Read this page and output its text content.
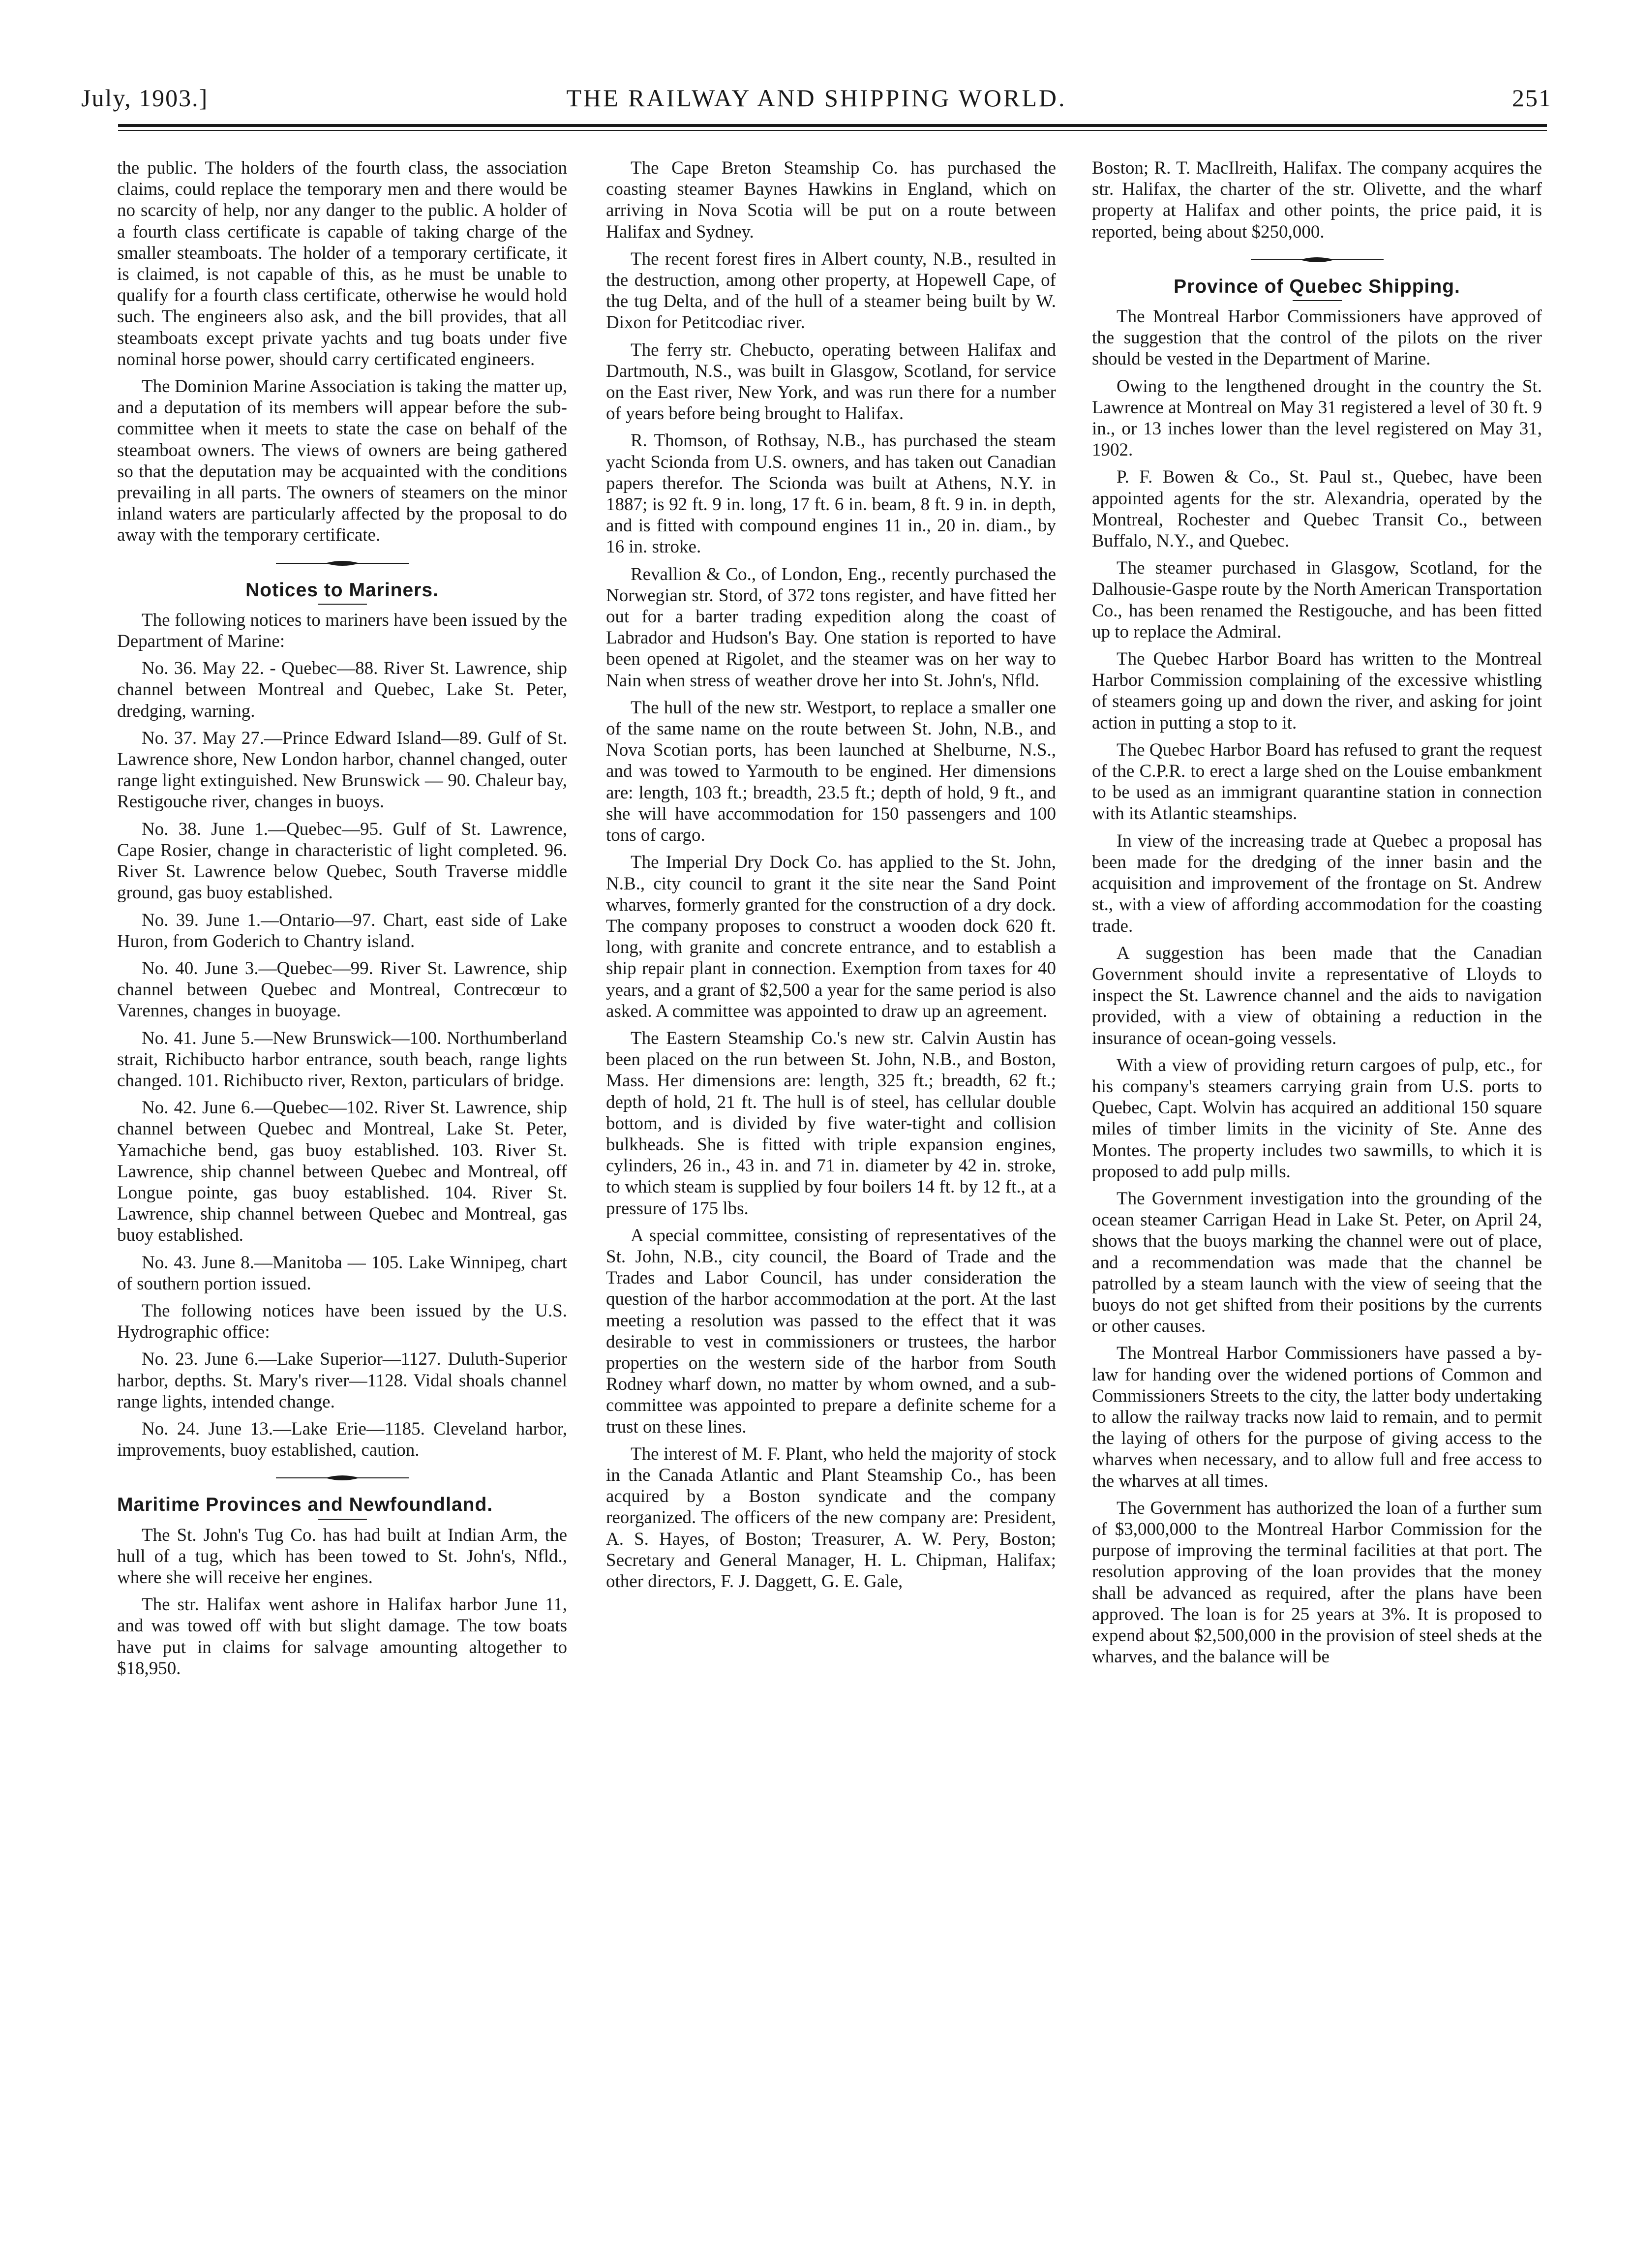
July, 1903.]	THE RAILWAY AND SHIPPING WORLD.	251

the public. The holders of the fourth class, the association claims, could replace the temporary men and there would be no scarcity of help, nor any danger to the public. A holder of a fourth class certificate is capable of taking charge of the smaller steamboats. The holder of a temporary certificate, it is claimed, is not capable of this, as he must be unable to qualify for a fourth class certificate, otherwise he would hold such. The engineers also ask, and the bill provides, that all steamboats except private yachts and tug boats under five nominal horse power, should carry certificated engineers.

The Dominion Marine Association is taking the matter up, and a deputation of its members will appear before the sub-committee when it meets to state the case on behalf of the steamboat owners. The views of owners are being gathered so that the deputation may be acquainted with the conditions prevailing in all parts. The owners of steamers on the minor inland waters are particularly affected by the proposal to do away with the temporary certificate.

Notices to Mariners.

The following notices to mariners have been issued by the Department of Marine:

No. 36. May 22. - Quebec—88. River St. Lawrence, ship channel between Montreal and Quebec, Lake St. Peter, dredging, warning.

No. 37. May 27.—Prince Edward Island—89. Gulf of St. Lawrence shore, New London harbor, channel changed, outer range light extinguished. New Brunswick — 90. Chaleur bay, Restigouche river, changes in buoys.

No. 38. June 1.—Quebec—95. Gulf of St. Lawrence, Cape Rosier, change in characteristic of light completed. 96. River St. Lawrence below Quebec, South Traverse middle ground, gas buoy established.

No. 39. June 1.—Ontario—97. Chart, east side of Lake Huron, from Goderich to Chantry island.

No. 40. June 3.—Quebec—99. River St. Lawrence, ship channel between Quebec and Montreal, Contrecœur to Varennes, changes in buoyage.

No. 41. June 5.—New Brunswick—100. Northumberland strait, Richibucto harbor entrance, south beach, range lights changed. 101. Richibucto river, Rexton, particulars of bridge.

No. 42. June 6.—Quebec—102. River St. Lawrence, ship channel between Quebec and Montreal, Lake St. Peter, Yamachiche bend, gas buoy established. 103. River St. Lawrence, ship channel between Quebec and Montreal, off Longue pointe, gas buoy established. 104. River St. Lawrence, ship channel between Quebec and Montreal, gas buoy established.

No. 43. June 8.—Manitoba — 105. Lake Winnipeg, chart of southern portion issued.

The following notices have been issued by the U.S. Hydrographic office:

No. 23. June 6.—Lake Superior—1127. Duluth-Superior harbor, depths. St. Mary's river—1128. Vidal shoals channel range lights, intended change.

No. 24. June 13.—Lake Erie—1185. Cleveland harbor, improvements, buoy established, caution.

Maritime Provinces and Newfoundland.

The St. John's Tug Co. has had built at Indian Arm, the hull of a tug, which has been towed to St. John's, Nfld., where she will receive her engines.

The str. Halifax went ashore in Halifax harbor June 11, and was towed off with but slight damage. The tow boats have put in claims for salvage amounting altogether to $18,950.

The Cape Breton Steamship Co. has purchased the coasting steamer Baynes Hawkins in England, which on arriving in Nova Scotia will be put on a route between Halifax and Sydney.

The recent forest fires in Albert county, N.B., resulted in the destruction, among other property, at Hopewell Cape, of the tug Delta, and of the hull of a steamer being built by W. Dixon for Petitcodiac river.

The ferry str. Chebucto, operating between Halifax and Dartmouth, N.S., was built in Glasgow, Scotland, for service on the East river, New York, and was run there for a number of years before being brought to Halifax.

R. Thomson, of Rothsay, N.B., has purchased the steam yacht Scionda from U.S. owners, and has taken out Canadian papers therefor. The Scionda was built at Athens, N.Y. in 1887; is 92 ft. 9 in. long, 17 ft. 6 in. beam, 8 ft. 9 in. in depth, and is fitted with compound engines 11 in., 20 in. diam., by 16 in. stroke.

Revallion & Co., of London, Eng., recently purchased the Norwegian str. Stord, of 372 tons register, and have fitted her out for a barter trading expedition along the coast of Labrador and Hudson's Bay. One station is reported to have been opened at Rigolet, and the steamer was on her way to Nain when stress of weather drove her into St. John's, Nfld.

The hull of the new str. Westport, to replace a smaller one of the same name on the route between St. John, N.B., and Nova Scotian ports, has been launched at Shelburne, N.S., and was towed to Yarmouth to be engined. Her dimensions are: length, 103 ft.; breadth, 23.5 ft.; depth of hold, 9 ft., and she will have accommodation for 150 passengers and 100 tons of cargo.

The Imperial Dry Dock Co. has applied to the St. John, N.B., city council to grant it the site near the Sand Point wharves, formerly granted for the construction of a dry dock. The company proposes to construct a wooden dock 620 ft. long, with granite and concrete entrance, and to establish a ship repair plant in connection. Exemption from taxes for 40 years, and a grant of $2,500 a year for the same period is also asked. A committee was appointed to draw up an agreement.

The Eastern Steamship Co.'s new str. Calvin Austin has been placed on the run between St. John, N.B., and Boston, Mass. Her dimensions are: length, 325 ft.; breadth, 62 ft.; depth of hold, 21 ft. The hull is of steel, has cellular double bottom, and is divided by five water-tight and collision bulkheads. She is fitted with triple expansion engines, cylinders, 26 in., 43 in. and 71 in. diameter by 42 in. stroke, to which steam is supplied by four boilers 14 ft. by 12 ft., at a pressure of 175 lbs.

A special committee, consisting of representatives of the St. John, N.B., city council, the Board of Trade and the Trades and Labor Council, has under consideration the question of the harbor accommodation at the port. At the last meeting a resolution was passed to the effect that it was desirable to vest in commissioners or trustees, the harbor properties on the western side of the harbor from South Rodney wharf down, no matter by whom owned, and a sub-committee was appointed to prepare a definite scheme for a trust on these lines.

The interest of M. F. Plant, who held the majority of stock in the Canada Atlantic and Plant Steamship Co., has been acquired by a Boston syndicate and the company reorganized. The officers of the new company are: President, A. S. Hayes, of Boston; Treasurer, A. W. Pery, Boston; Secretary and General Manager, H. L. Chipman, Halifax; other directors, F. J. Daggett, G. E. Gale,

Boston; R. T. MacIlreith, Halifax. The company acquires the str. Halifax, the charter of the str. Olivette, and the wharf property at Halifax and other points, the price paid, it is reported, being about $250,000.

Province of Quebec Shipping.

The Montreal Harbor Commissioners have approved of the suggestion that the control of the pilots on the river should be vested in the Department of Marine.

Owing to the lengthened drought in the country the St. Lawrence at Montreal on May 31 registered a level of 30 ft. 9 in., or 13 inches lower than the level registered on May 31, 1902.

P. F. Bowen & Co., St. Paul st., Quebec, have been appointed agents for the str. Alexandria, operated by the Montreal, Rochester and Quebec Transit Co., between Buffalo, N.Y., and Quebec.

The steamer purchased in Glasgow, Scotland, for the Dalhousie-Gaspe route by the North American Transportation Co., has been renamed the Restigouche, and has been fitted up to replace the Admiral.

The Quebec Harbor Board has written to the Montreal Harbor Commission complaining of the excessive whistling of steamers going up and down the river, and asking for joint action in putting a stop to it.

The Quebec Harbor Board has refused to grant the request of the C.P.R. to erect a large shed on the Louise embankment to be used as an immigrant quarantine station in connection with its Atlantic steamships.

In view of the increasing trade at Quebec a proposal has been made for the dredging of the inner basin and the acquisition and improvement of the frontage on St. Andrew st., with a view of affording accommodation for the coasting trade.

A suggestion has been made that the Canadian Government should invite a representative of Lloyds to inspect the St. Lawrence channel and the aids to navigation provided, with a view of obtaining a reduction in the insurance of ocean-going vessels.

With a view of providing return cargoes of pulp, etc., for his company's steamers carrying grain from U.S. ports to Quebec, Capt. Wolvin has acquired an additional 150 square miles of timber limits in the vicinity of Ste. Anne des Montes. The property includes two sawmills, to which it is proposed to add pulp mills.

The Government investigation into the grounding of the ocean steamer Carrigan Head in Lake St. Peter, on April 24, shows that the buoys marking the channel were out of place, and a recommendation was made that the channel be patrolled by a steam launch with the view of seeing that the buoys do not get shifted from their positions by the currents or other causes.

The Montreal Harbor Commissioners have passed a by-law for handing over the widened portions of Common and Commissioners Streets to the city, the latter body undertaking to allow the railway tracks now laid to remain, and to permit the laying of others for the purpose of giving access to the wharves when necessary, and to allow full and free access to the wharves at all times.

The Government has authorized the loan of a further sum of $3,000,000 to the Montreal Harbor Commission for the purpose of improving the terminal facilities at that port. The resolution approving of the loan provides that the money shall be advanced as required, after the plans have been approved. The loan is for 25 years at 3%. It is proposed to expend about $2,500,000 in the provision of steel sheds at the wharves, and the balance will be
